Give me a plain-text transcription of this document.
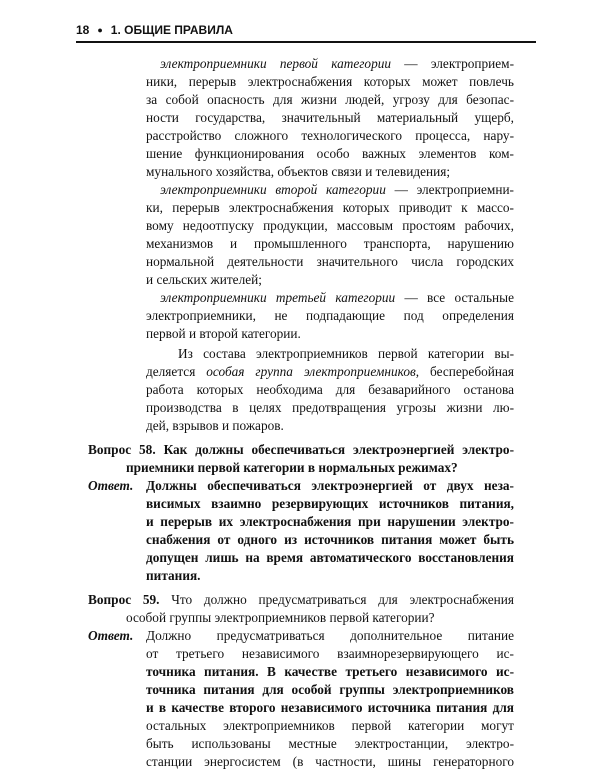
18 ● 1. ОБЩИЕ ПРАВИЛА
электроприемники первой категории — электроприем-
ники, перерыв электроснабжения которых может повлечь
за собой опасность для жизни людей, угрозу для безопас-
ности государства, значительный материальный ущерб,
расстройство сложного технологического процесса, нару-
шение функционирования особо важных элементов ком-
мунального хозяйства, объектов связи и телевидения;
электроприемники второй категории — электроприемни-
ки, перерыв электроснабжения которых приводит к массо-
вому недоотпуску продукции, массовым простоям рабочих,
механизмов и промышленного транспорта, нарушению
нормальной деятельности значительного числа городских
и сельских жителей;
электроприемники третьей категории — все остальные
электроприемники, не подпадающие под определения
первой и второй категории.
Из состава электроприемников первой категории вы-
деляется особая группа электроприемников, бесперебойная
работа которых необходима для безаварийного останова
производства в целях предотвращения угрозы жизни лю-
дей, взрывов и пожаров.
Вопрос 58. Как должны обеспечиваться электроэнергией электро-
приемники первой категории в нормальных режимах?
Ответ. Должны обеспечиваться электроэнергией от двух неза-
висимых взаимно резервирующих источников питания,
и перерыв их электроснабжения при нарушении электро-
снабжения от одного из источников питания может быть
допущен лишь на время автоматического восстановления
питания.
Вопрос 59. Что должно предусматриваться для электроснабжения
особой группы электроприемников первой категории?
Ответ. Должно предусматриваться дополнительное питание
от третьего независимого взаимнорезервирующего ис-
точника питания. В качестве третьего независимого ис-
точника питания для особой группы электроприемников
и в качестве второго независимого источника питания для
остальных электроприемников первой категории могут
быть использованы местные электростанции, электро-
станции энергосистем (в частности, шины генераторного
